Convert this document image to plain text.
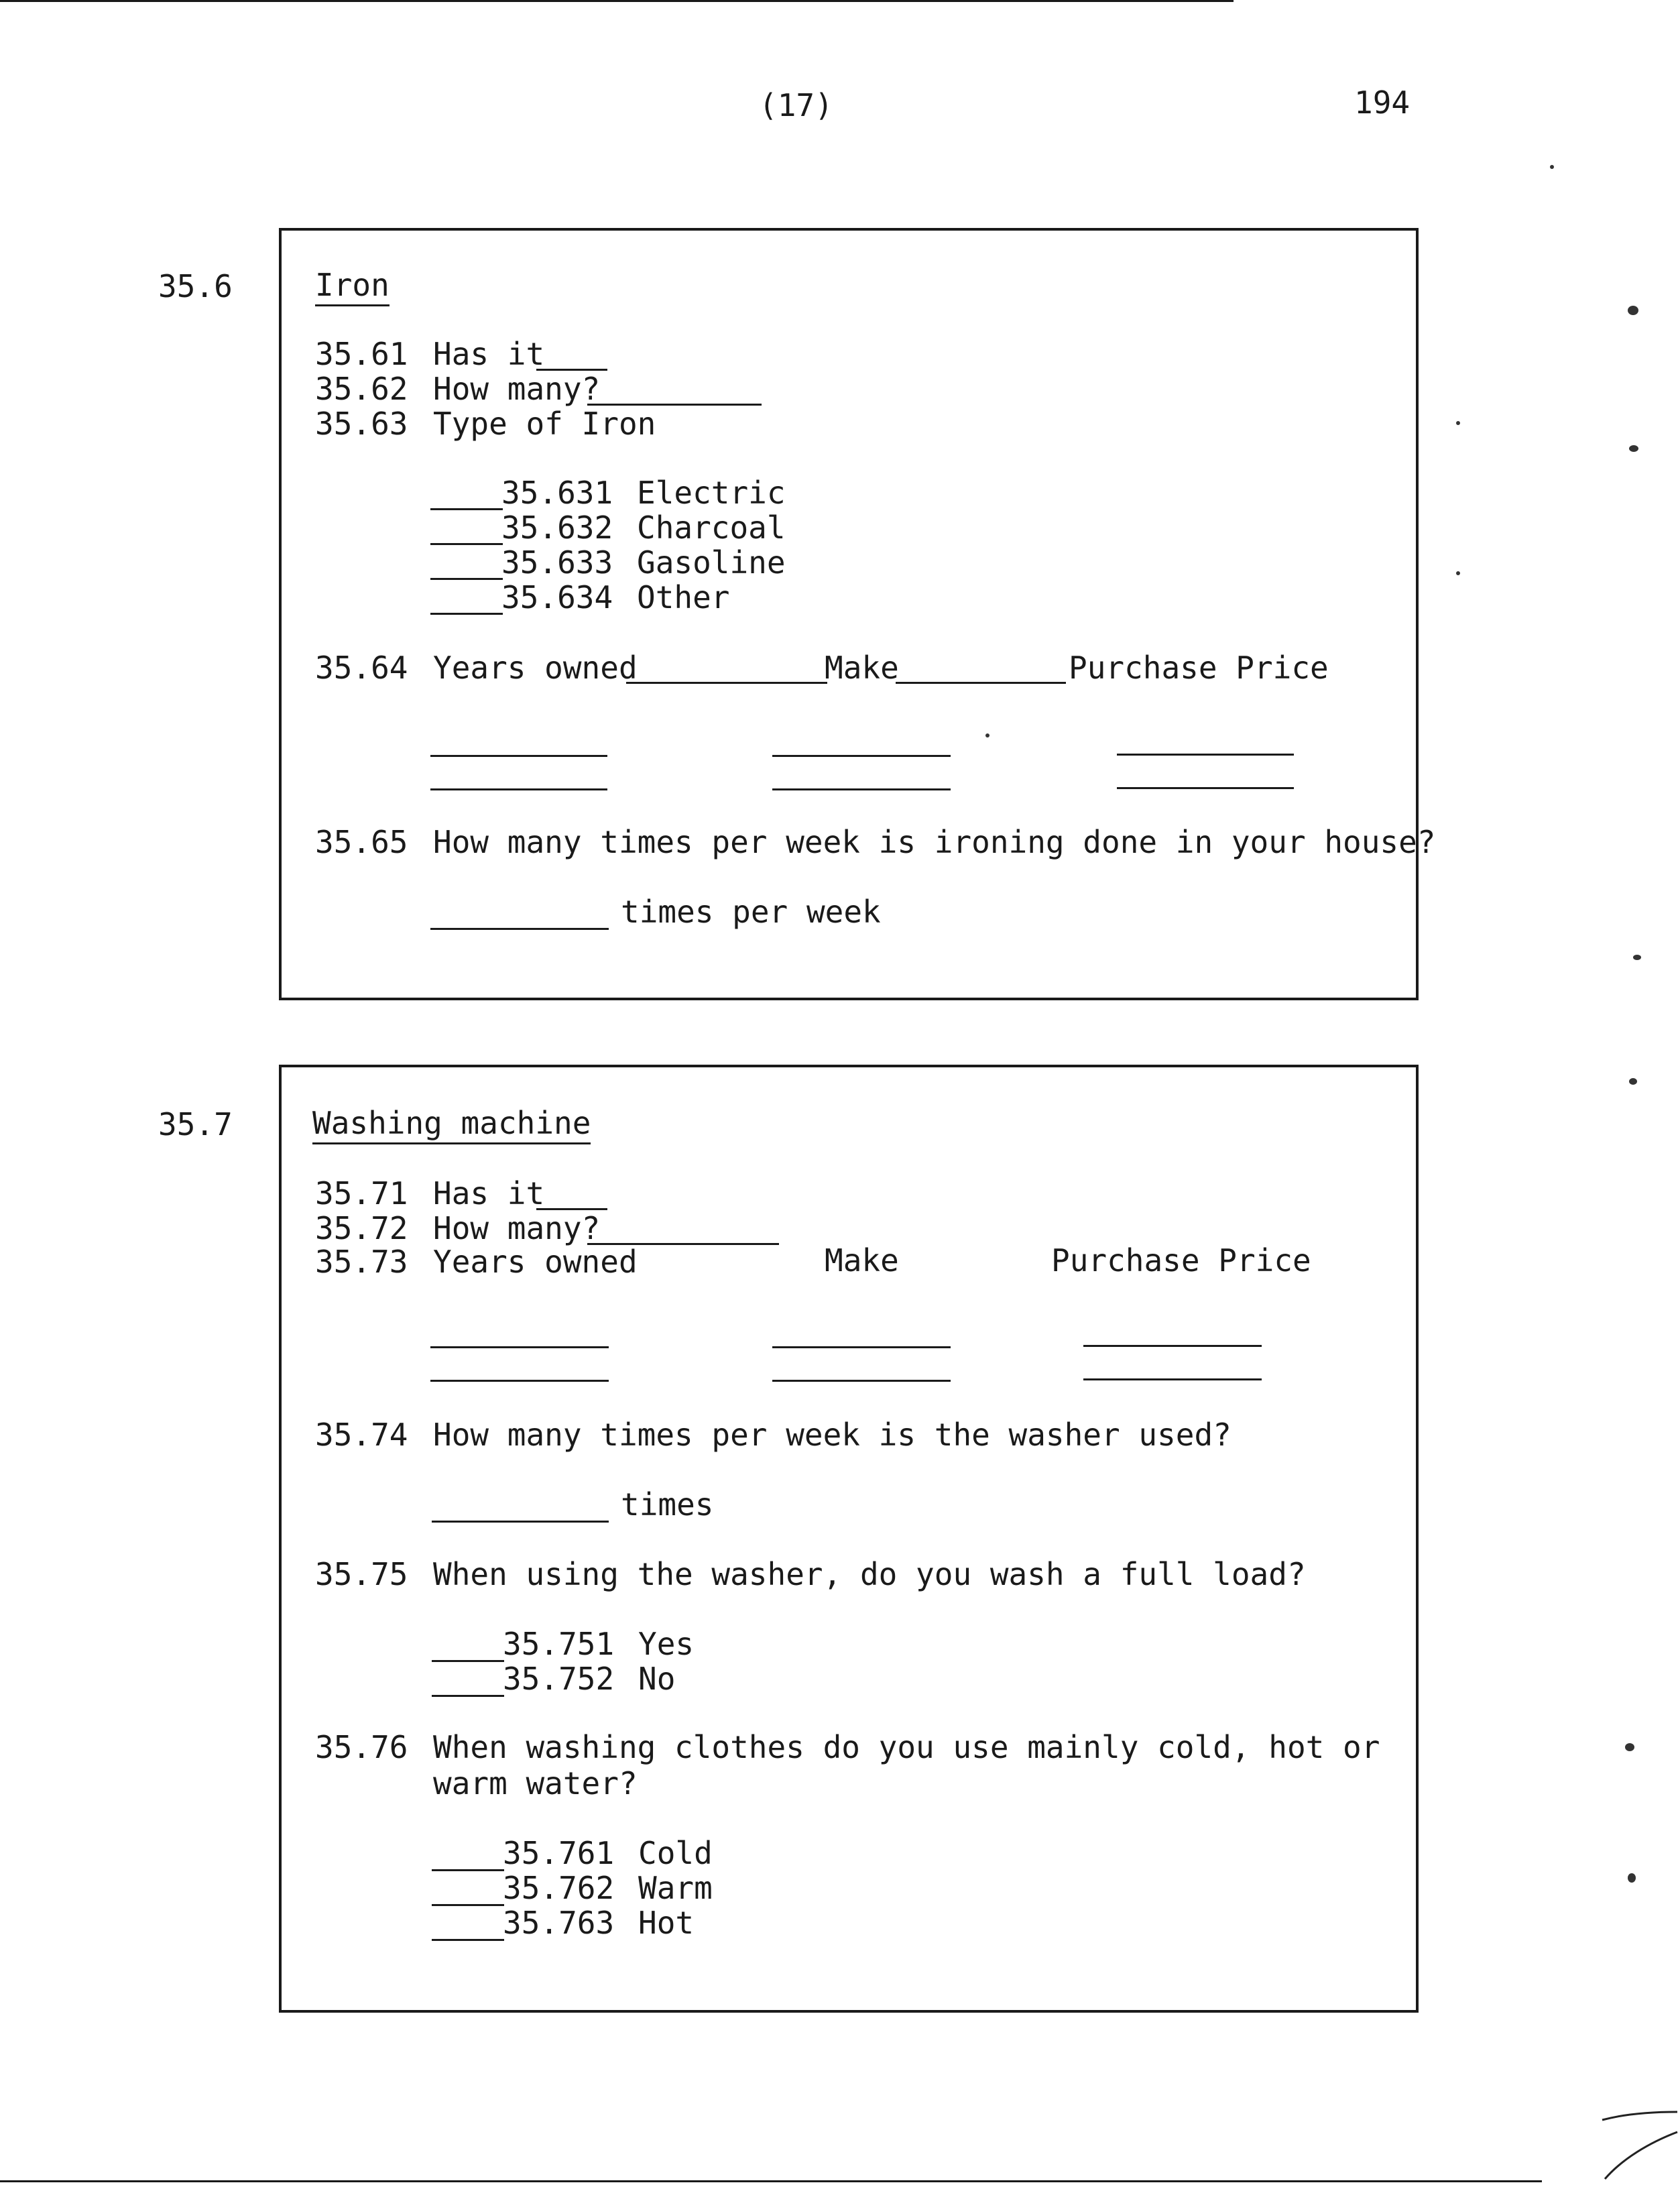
(17)	194
35.6	Iron
35.61 Has it
35.62 How many?
35.63 Type of Iron
35.631 Electric
35.632 Charcoal
35.633 Gasoline
35.634 Other
35.64 Years owned	Make	Purchase Price
35.65 How many times per week is ironing done in your house?
times per week
35.7	Washing machine
35.71 Has it
35.72 How many?
35.73 Years owned	Make	Purchase Price
35.74 How many times per week is the washer used?
times
35.75 When using the washer, do you wash a full load?
35.751 Yes
35.752 No
35.76 When washing clothes do you use mainly cold, hot or
warm water?
35.761 Cold
35.762 Warm
35.763 Hot
